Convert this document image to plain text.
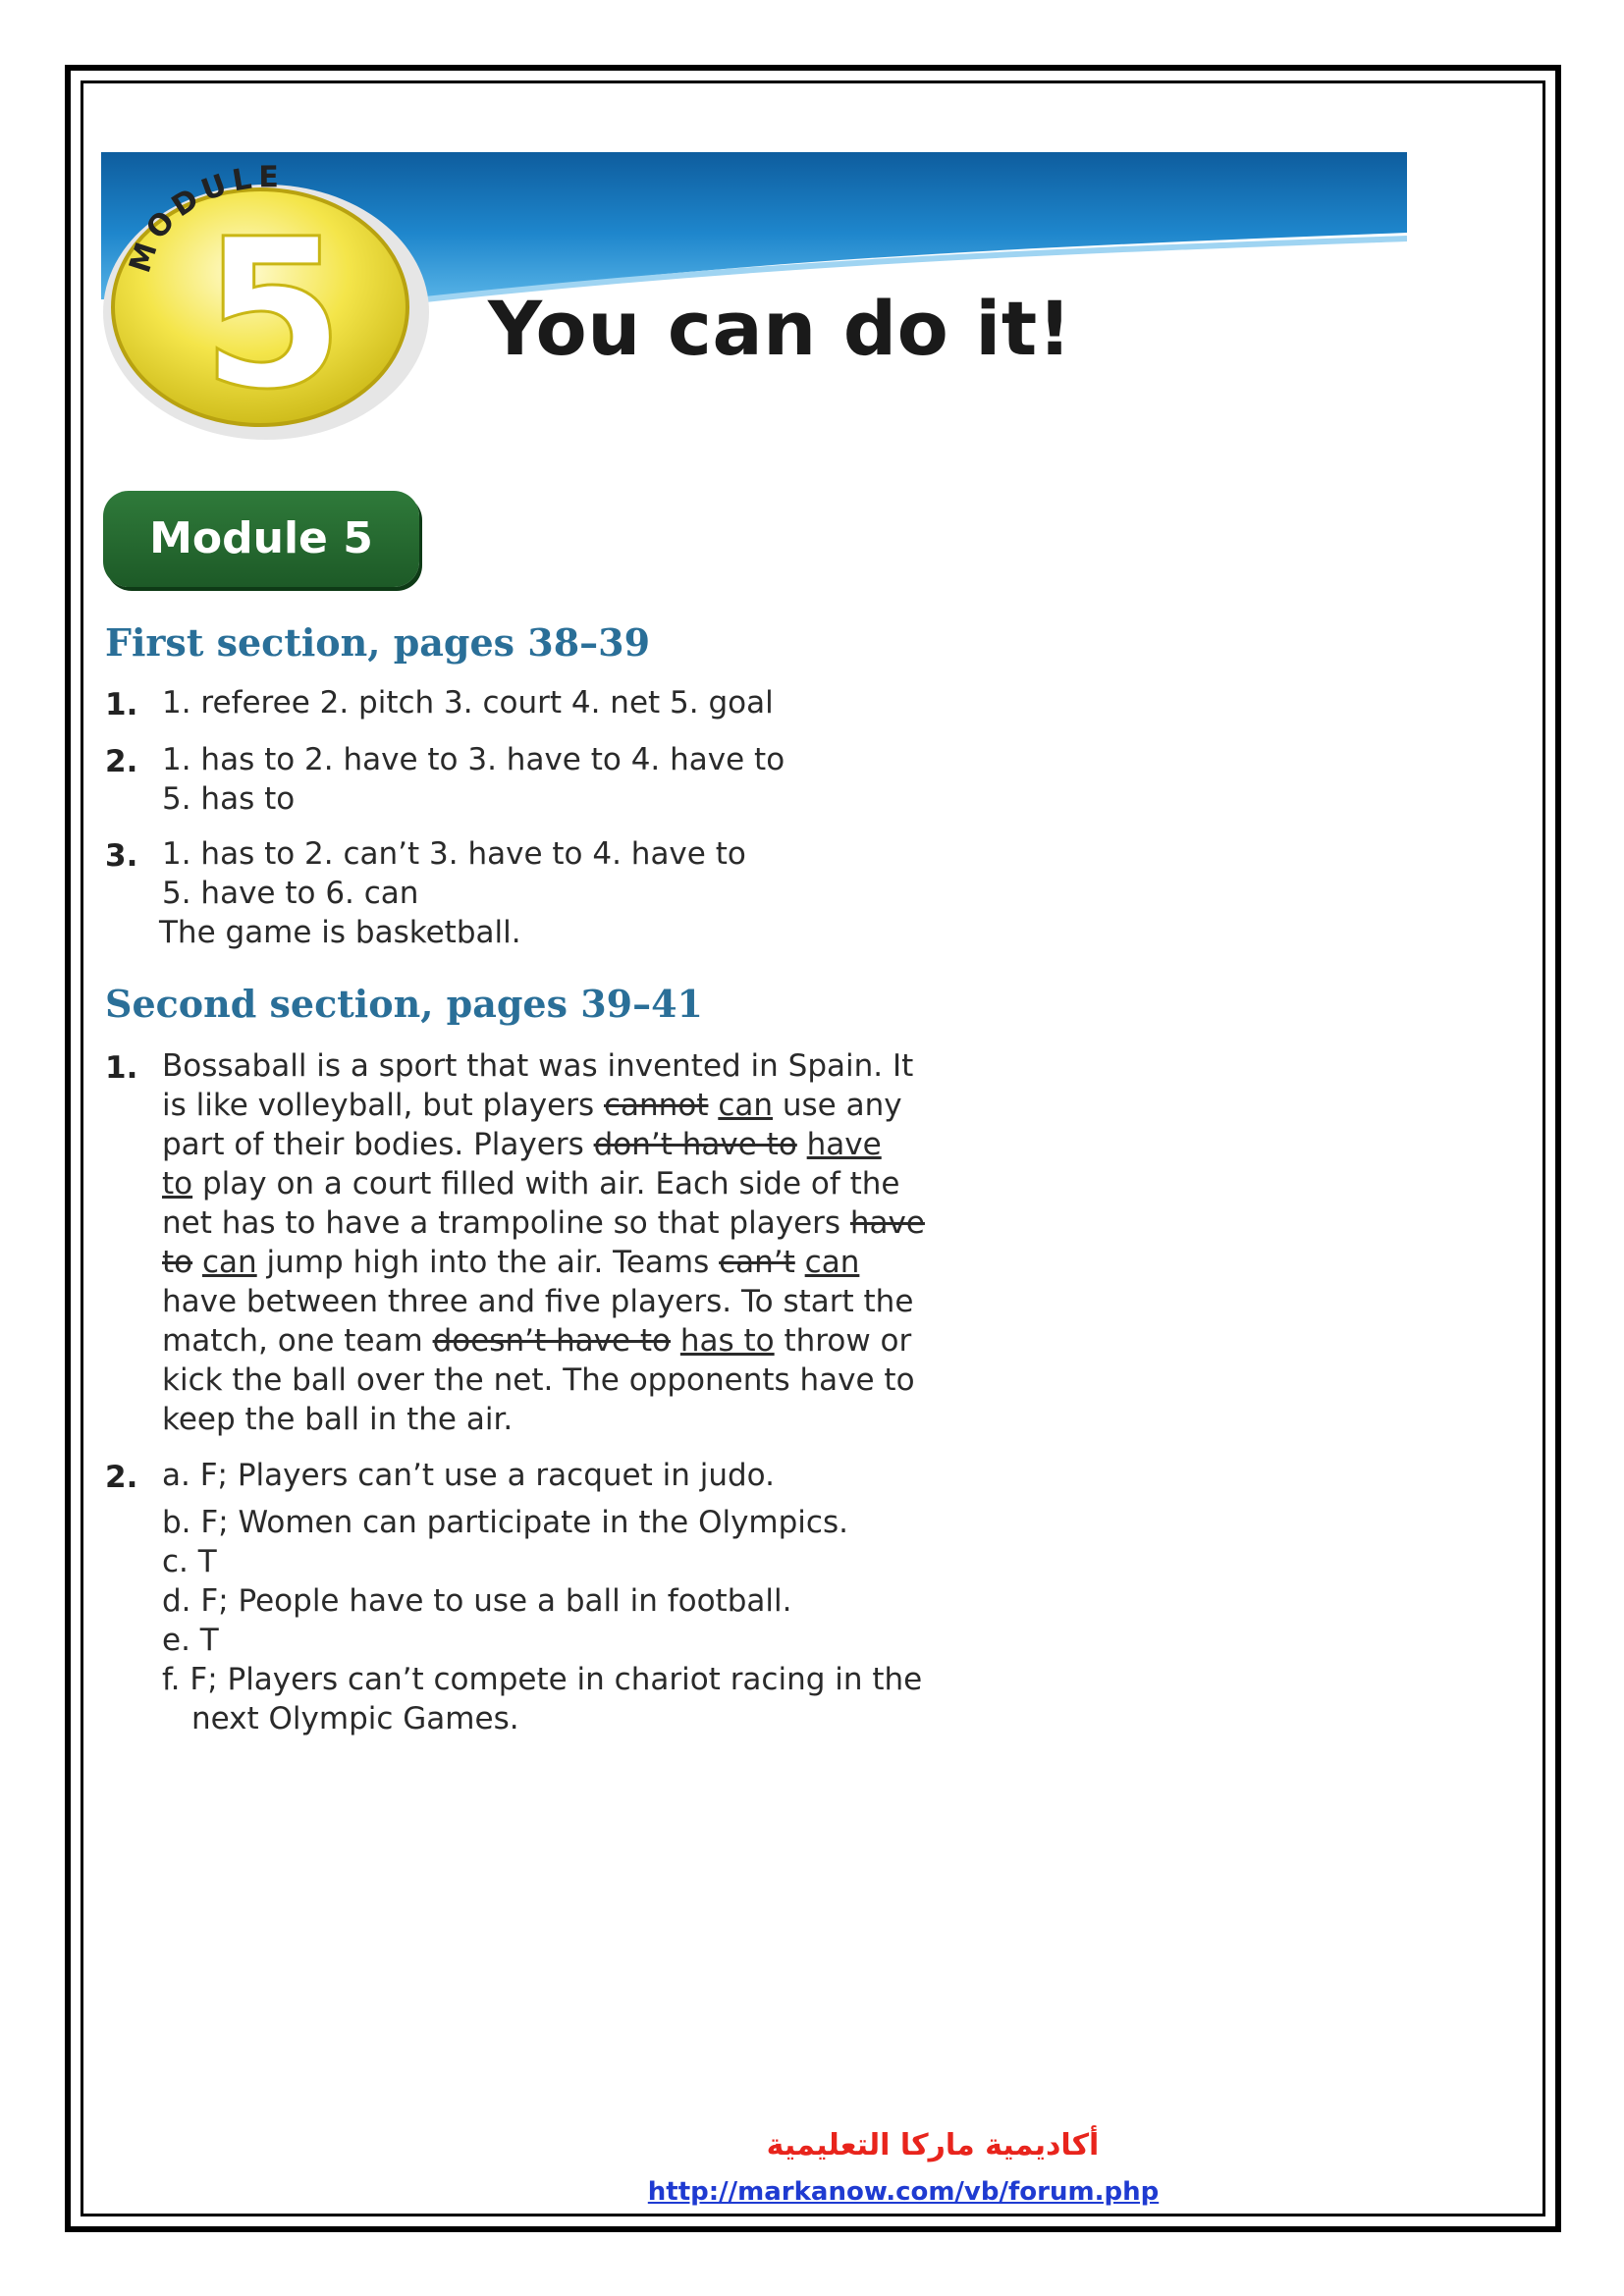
5
MODULE
You can do it!
Module 5
First section, pages 38–39
1. 1. referee 2. pitch 3. court 4. net 5. goal
2. 1. has to 2. have to 3. have to 4. have to
5. has to
3. 1. has to 2. can’t 3. have to 4. have to
5. have to 6. can
The game is basketball.
Second section, pages 39–41
1. Bossaball is a sport that was invented in Spain. It
is like volleyball, but players cannot can use any
part of their bodies. Players don’t have to have
to play on a court filled with air. Each side of the
net has to have a trampoline so that players have
to can jump high into the air. Teams can’t can
have between three and five players. To start the
match, one team doesn’t have to has to throw or
kick the ball over the net. The opponents have to
keep the ball in the air.
2. a. F; Players can’t use a racquet in judo.
b. F; Women can participate in the Olympics.
c. T
d. F; People have to use a ball in football.
e. T
f. F; Players can’t compete in chariot racing in the
next Olympic Games.
أكاديمية ماركا التعليمية
http://markanow.com/vb/forum.php
